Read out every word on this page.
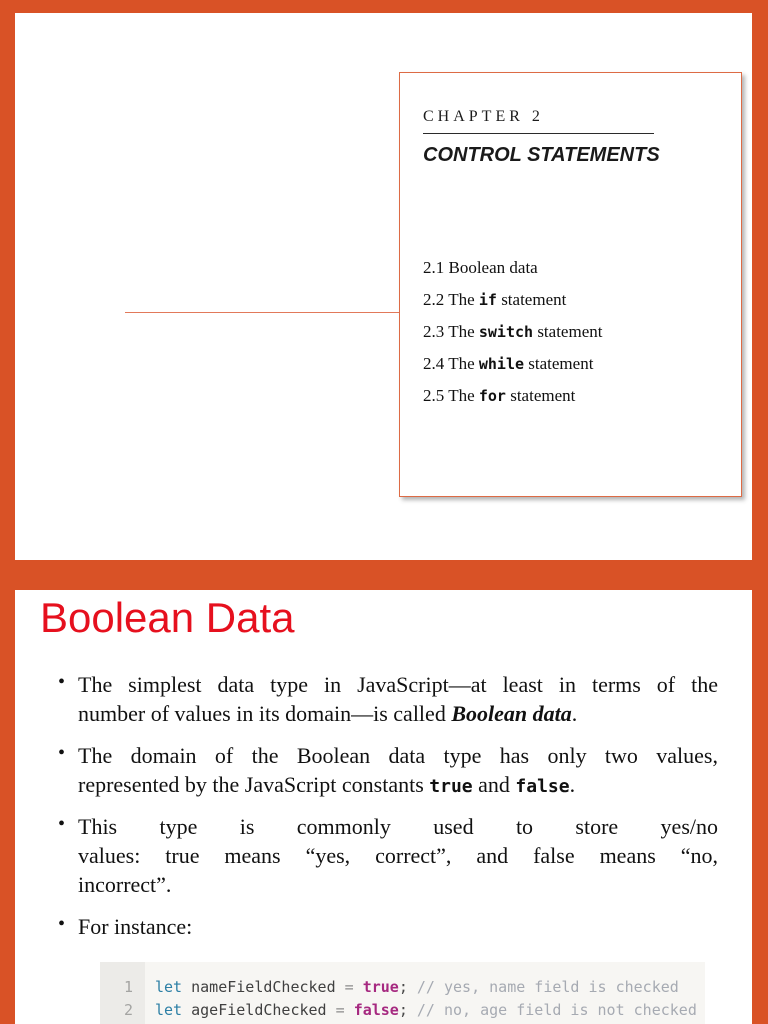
CHAPTER 2
CONTROL STATEMENTS
2.1 Boolean data
2.2 The if statement
2.3 The switch statement
2.4 The while statement
2.5 The for statement
Boolean Data
• The simplest data type in JavaScript—at least in terms of the
number of values in its domain—is called Boolean data.
• The domain of the Boolean data type has only two values,
represented by the JavaScript constants true and false.
• This type is commonly used to store yes/no
values: true means “yes, correct”, and false means “no,
incorrect”.
• For instance:
1	let nameFieldChecked = true; // yes, name field is checked
2	let ageFieldChecked = false; // no, age field is not checked
